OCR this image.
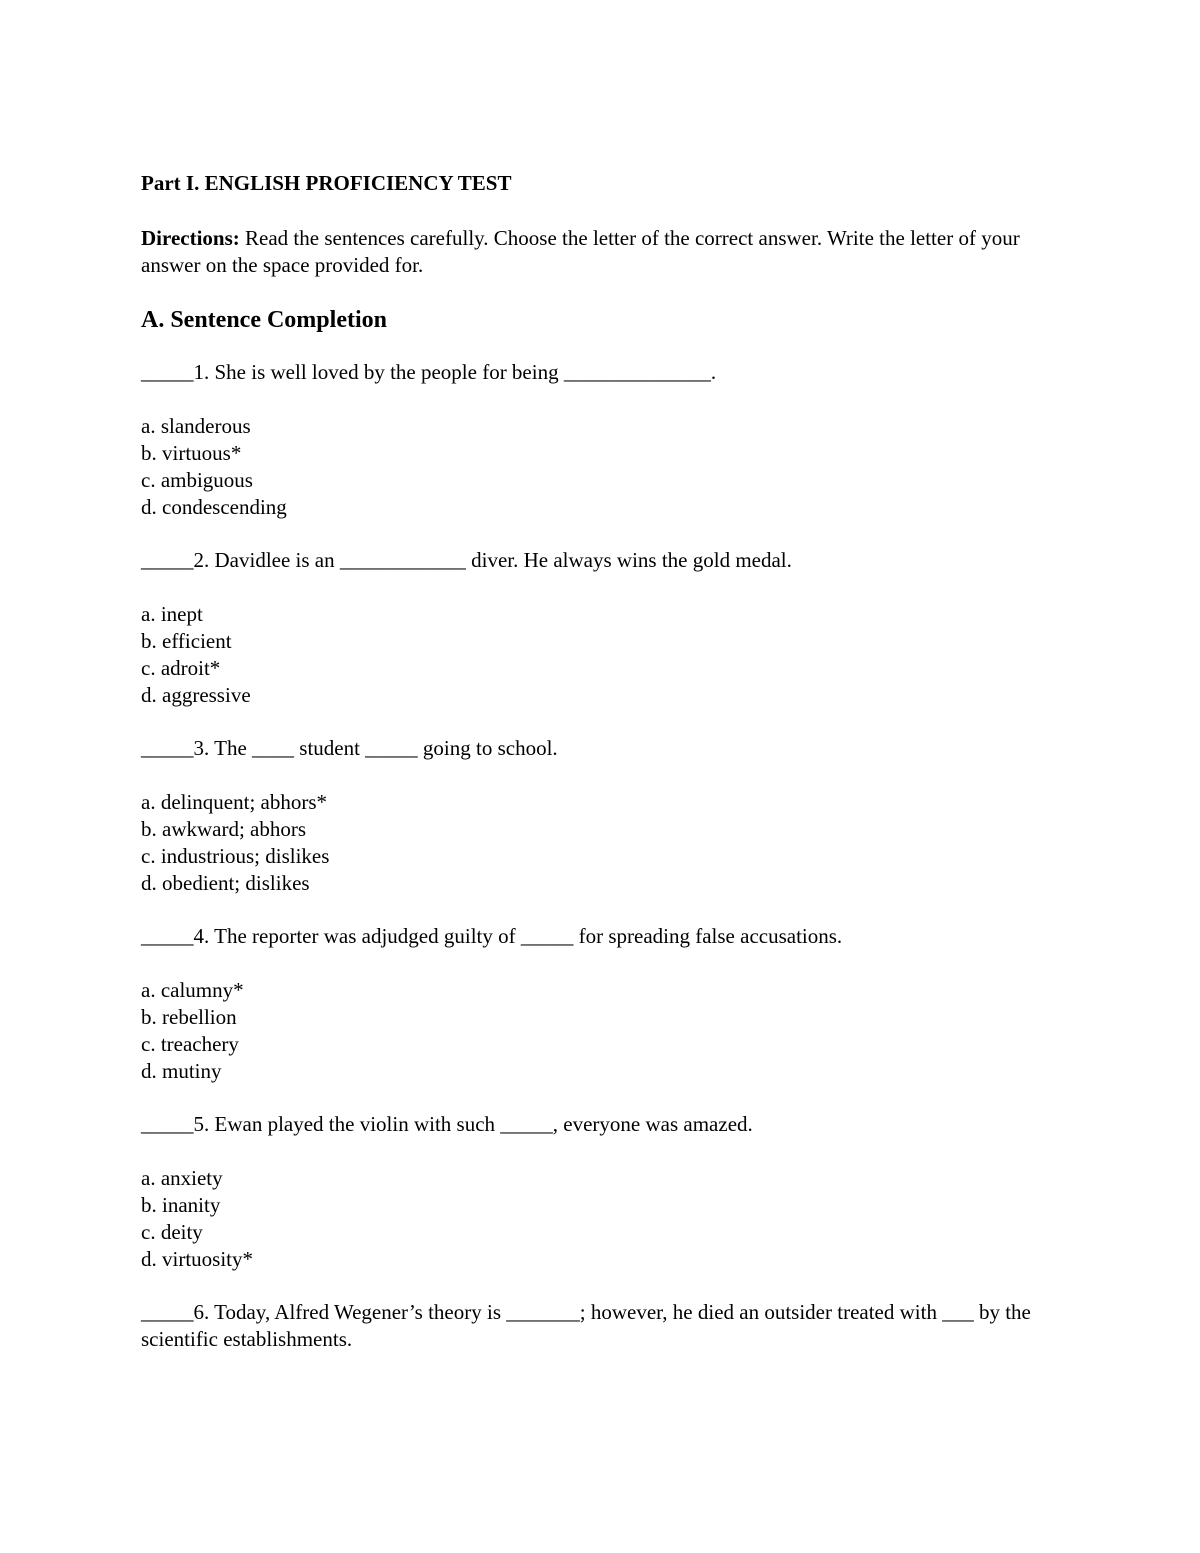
Part I. ENGLISH PROFICIENCY TEST

Directions: Read the sentences carefully. Choose the letter of the correct answer. Write the letter of your answer on the space provided for.

A. Sentence Completion

_____1. She is well loved by the people for being ______________.

a. slanderous
b. virtuous*
c. ambiguous
d. condescending

_____2. Davidlee is an ____________ diver. He always wins the gold medal.

a. inept
b. efficient
c. adroit*
d. aggressive

_____3. The ____ student _____ going to school.

a. delinquent; abhors*
b. awkward; abhors
c. industrious; dislikes
d. obedient; dislikes

_____4. The reporter was adjudged guilty of _____ for spreading false accusations.

a. calumny*
b. rebellion
c. treachery
d. mutiny

_____5. Ewan played the violin with such _____, everyone was amazed.

a. anxiety
b. inanity
c. deity
d. virtuosity*

_____6. Today, Alfred Wegener’s theory is _______; however, he died an outsider treated with ___ by the scientific establishments.
